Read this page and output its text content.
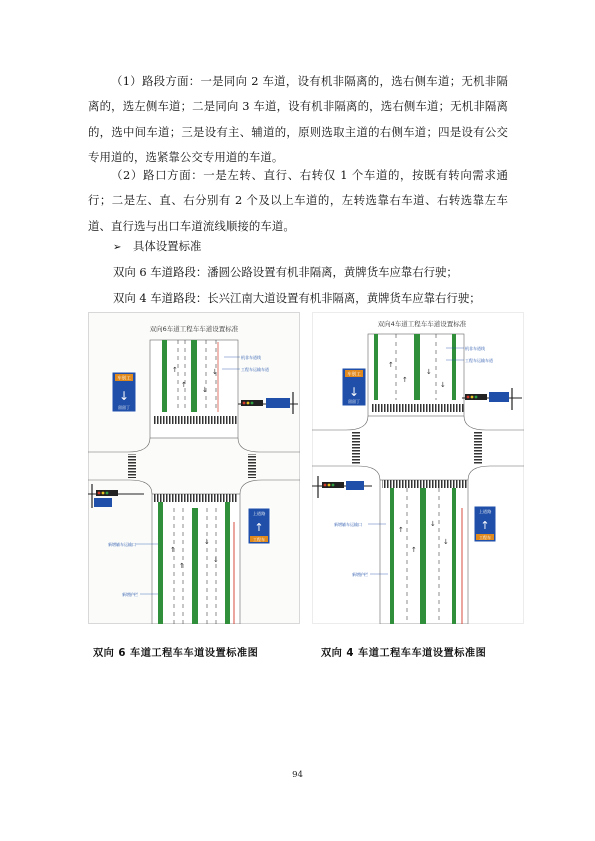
（1）路段方面：一是同向 2 车道，设有机非隔离的，选右侧车道；无机非隔离的，选左侧车道；二是同向 3 车道，设有机非隔离的，选右侧车道；无机非隔离的，选中间车道；三是设有主、辅道的，原则选取主道的右侧车道；四是设有公交专用道的，选紧靠公交专用道的车道。

（2）路口方面：一是左转、直行、右转仅 1 个车道的，按既有转向需求通行；二是左、直、右分别有 2 个及以上车道的，左转选靠右车道、右转选靠左车道、直行选与出口车道流线顺接的车道。

➢ 具体设置标准
双向 6 车道路段：潘圆公路设置有机非隔离，黄牌货车应靠右行驶；
双向 4 车道路段：长兴江南大道设置有机非隔离，黄牌货车应靠右行驶；
双向6车道工程车车道设置标准
↑
↑
↓
↓
↑
↑
↓
↓
车别工
↓
留留丁
上道路
↑
工程车
机非车道线
工程车运输车道
新增辅车运输口
新增护栏
双向4车道工程车车道设置标准
↑
↑
↓
↓
↑
↑
↓
↓
车别工
↓
留留丁
上道路
↑
工程车
机非车道线
工程车运输车道
新增辅车运输口
新增护栏
双向 6 车道工程车车道设置标准图	双向 4 车道工程车车道设置标准图
94
